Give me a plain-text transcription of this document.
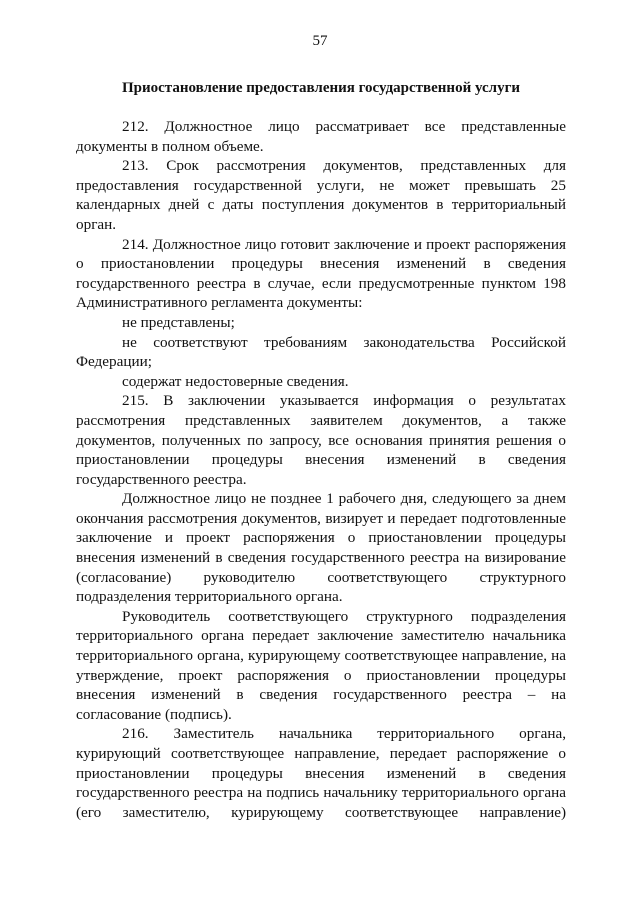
57
Приостановление предоставления государственной услуги

212. Должностное лицо рассматривает все представленные документы в полном объеме.

213. Срок рассмотрения документов, представленных для предоставления государственной услуги, не может превышать 25 календарных дней с даты поступления документов в территориальный орган.

214. Должностное лицо готовит заключение и проект распоряжения о приостановлении процедуры внесения изменений в сведения государственного реестра в случае, если предусмотренные пунктом 198 Административного регламента документы:

не представлены;

не соответствуют требованиям законодательства Российской Федерации;

содержат недостоверные сведения.

215. В заключении указывается информация о результатах рассмотрения представленных заявителем документов, а также документов, полученных по запросу, все основания принятия решения о приостановлении процедуры внесения изменений в сведения государственного реестра.

Должностное лицо не позднее 1 рабочего дня, следующего за днем окончания рассмотрения документов, визирует и передает подготовленные заключение и проект распоряжения о приостановлении процедуры внесения изменений в сведения государственного реестра на визирование (согласование) руководителю соответствующего структурного подразделения территориального органа.

Руководитель соответствующего структурного подразделения территориального органа передает заключение заместителю начальника территориального органа, курирующему соответствующее направление, на утверждение, проект распоряжения о приостановлении процедуры внесения изменений в сведения государственного реестра – на согласование (подпись).

216. Заместитель начальника территориального органа, курирующий соответствующее направление, передает распоряжение о приостановлении процедуры внесения изменений в сведения государственного реестра на подпись начальнику территориального органа (его заместителю, курирующему соответствующее направление)
